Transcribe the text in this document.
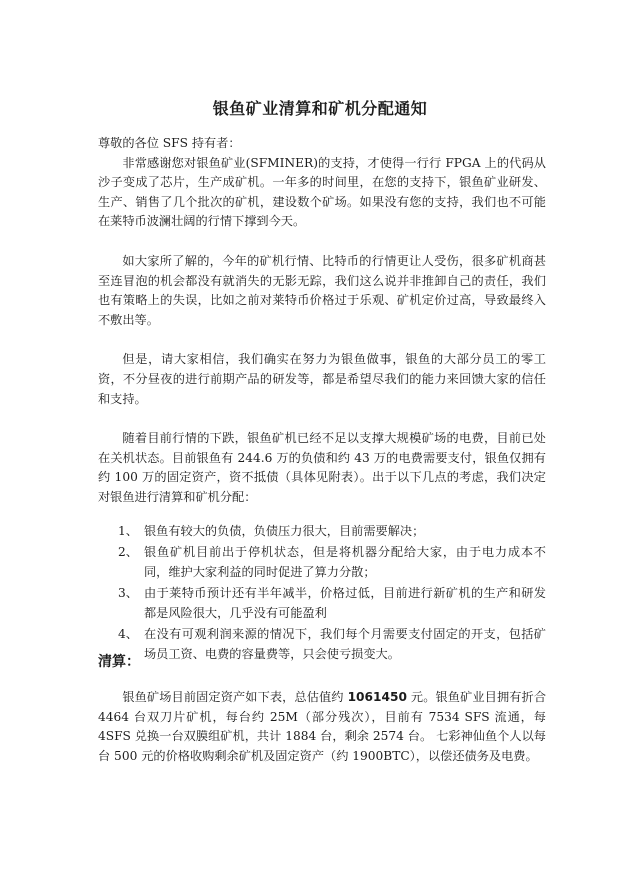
银鱼矿业清算和矿机分配通知

尊敬的各位 SFS 持有者：

非常感谢您对银鱼矿业(SFMINER)的支持，才使得一行行 FPGA 上的代码从沙子变成了芯片，生产成矿机。一年多的时间里，在您的支持下，银鱼矿业研发、生产、销售了几个批次的矿机，建设数个矿场。如果没有您的支持，我们也不可能在莱特币波澜壮阔的行情下撑到今天。

如大家所了解的，今年的矿机行情、比特币的行情更让人受伤，很多矿机商甚至连冒泡的机会都没有就消失的无影无踪，我们这么说并非推卸自己的责任，我们也有策略上的失误，比如之前对莱特币价格过于乐观、矿机定价过高，导致最终入不敷出等。

但是，请大家相信，我们确实在努力为银鱼做事，银鱼的大部分员工的零工资，不分昼夜的进行前期产品的研发等，都是希望尽我们的能力来回馈大家的信任和支持。

随着目前行情的下跌，银鱼矿机已经不足以支撑大规模矿场的电费，目前已处在关机状态。目前银鱼有 244.6 万的负债和约 43 万的电费需要支付，银鱼仅拥有约 100 万的固定资产，资不抵债（具体见附表）。出于以下几点的考虑，我们决定对银鱼进行清算和矿机分配：

1、 银鱼有较大的负债，负债压力很大，目前需要解决；
2、 银鱼矿机目前出于停机状态，但是将机器分配给大家，由于电力成本不同，维护大家利益的同时促进了算力分散；
3、 由于莱特币预计还有半年减半，价格过低，目前进行新矿机的生产和研发都是风险很大，几乎没有可能盈利
4、 在没有可观利润来源的情况下，我们每个月需要支付固定的开支，包括矿场员工资、电费的容量费等，只会使亏损变大。
清算：

银鱼矿场目前固定资产如下表，总估值约 1061450 元。银鱼矿业目拥有折合 4464 台双刀片矿机，每台约 25M（部分残次），目前有 7534 SFS 流通，每 4SFS 兑换一台双膜组矿机，共计 1884 台，剩余 2574 台。 七彩神仙鱼个人以每台 500 元的价格收购剩余矿机及固定资产（约 1900BTC），以偿还债务及电费。
